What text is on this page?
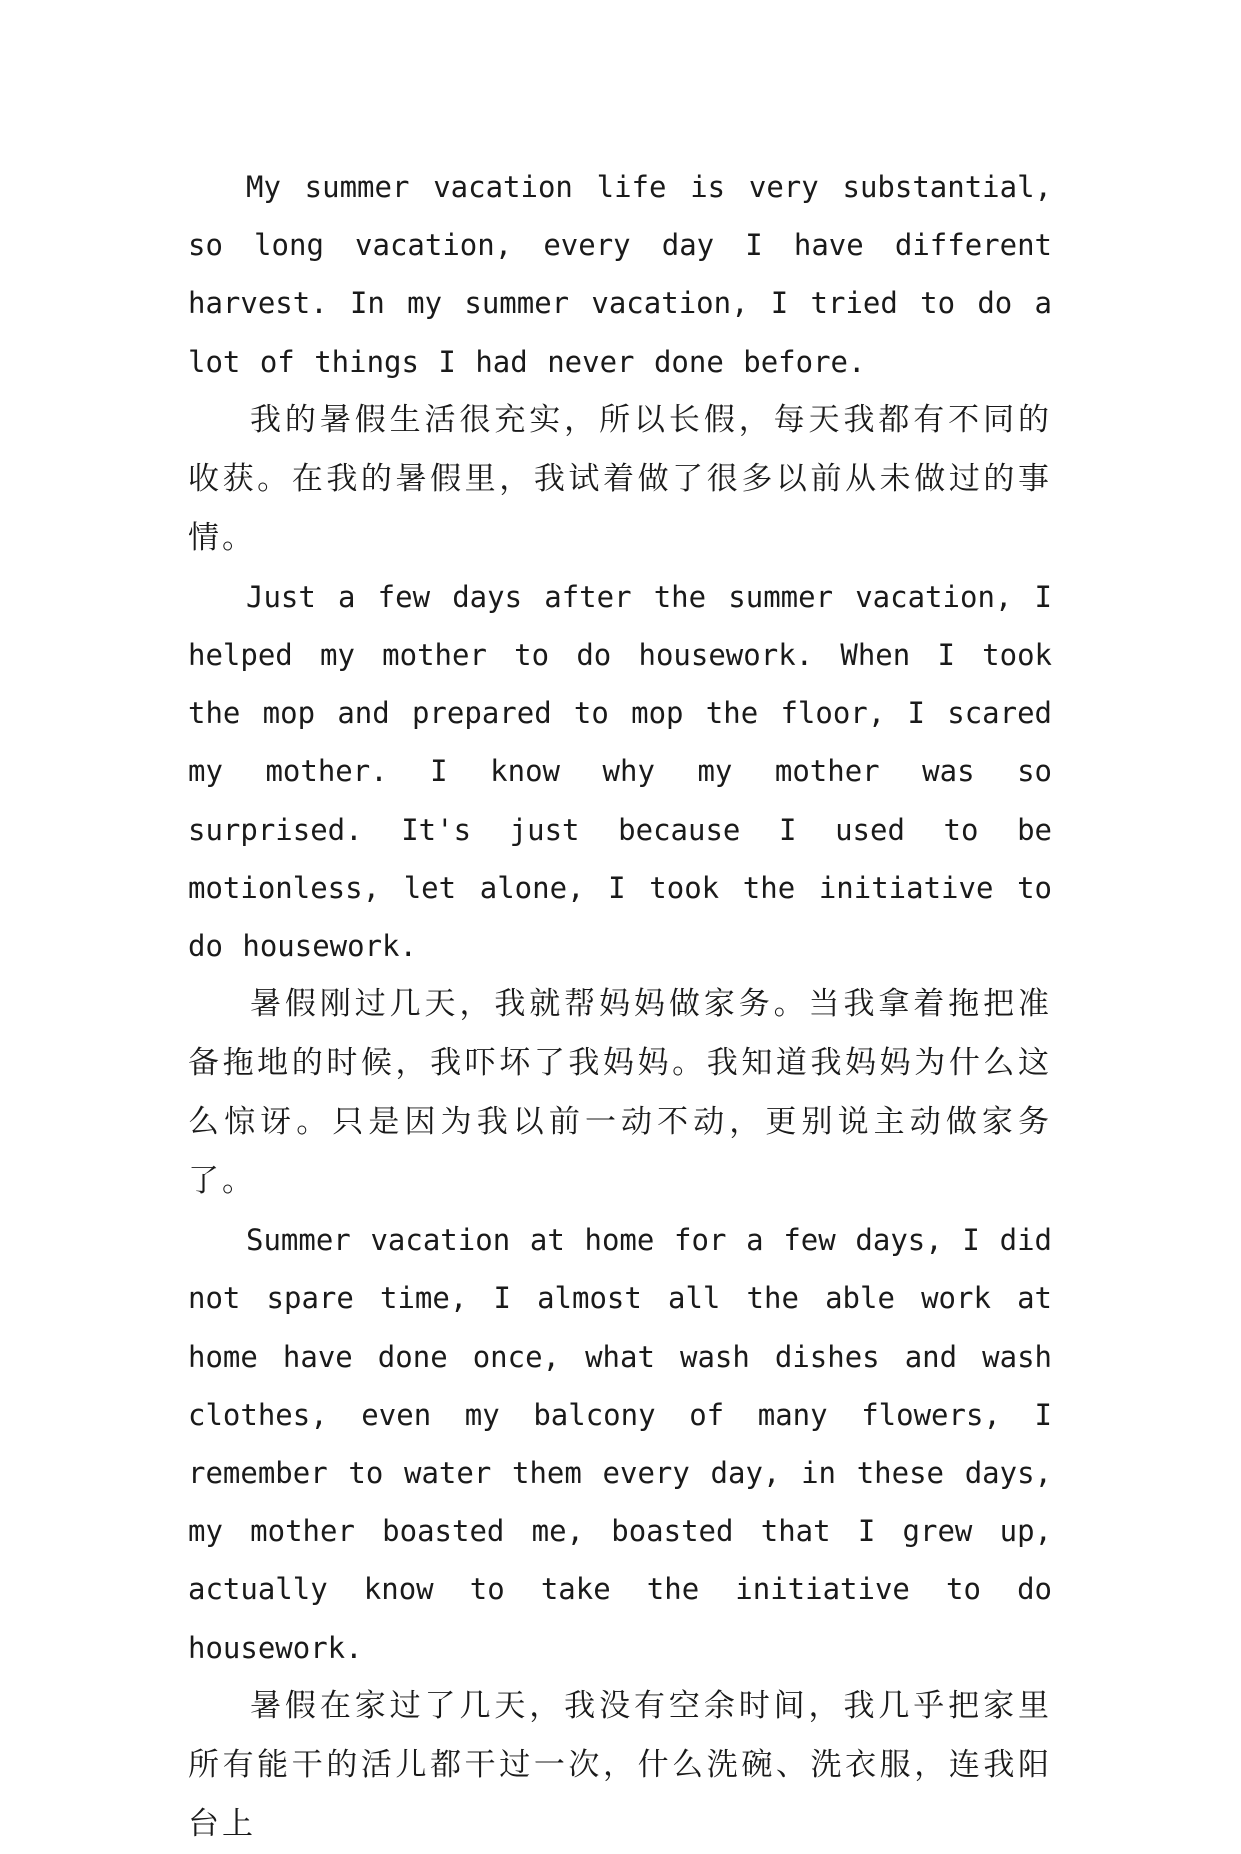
My summer vacation life is very substantial, so long vacation, every day I have different harvest. In my summer vacation, I tried to do a lot of things I had never done before.

我的暑假生活很充实，所以长假，每天我都有不同的收获。在我的暑假里，我试着做了很多以前从未做过的事情。

Just a few days after the summer vacation, I helped my mother to do housework. When I took the mop and prepared to mop the floor, I scared my mother. I know why my mother was so surprised. It's just because I used to be motionless, let alone, I took the initiative to do housework.

暑假刚过几天，我就帮妈妈做家务。当我拿着拖把准备拖地的时候，我吓坏了我妈妈。我知道我妈妈为什么这么惊讶。只是因为我以前一动不动，更别说主动做家务了。

Summer vacation at home for a few days, I did not spare time, I almost all the able work at home have done once, what wash dishes and wash clothes, even my balcony of many flowers, I remember to water them every day, in these days, my mother boasted me, boasted that I grew up, actually know to take the initiative to do housework.

暑假在家过了几天，我没有空余时间，我几乎把家里所有能干的活儿都干过一次，什么洗碗、洗衣服，连我阳台上
